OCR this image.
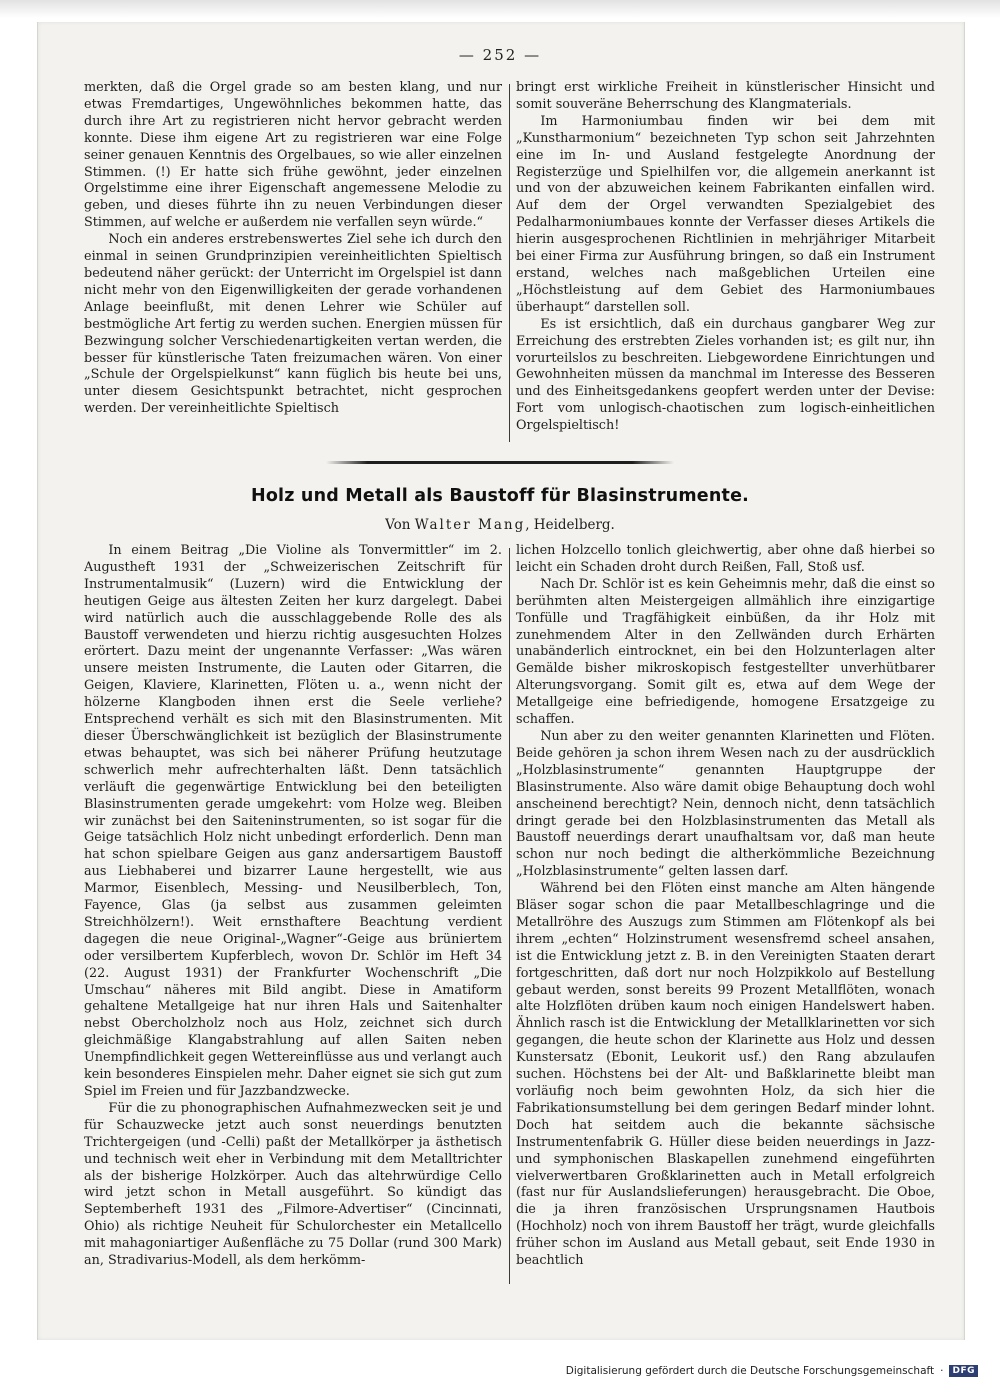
— 252 —

merkten, daß die Orgel grade so am besten klang, und nur etwas Fremdartiges, Ungewöhnliches bekommen hatte, das durch ihre Art zu registrieren nicht hervor gebracht werden konnte. Diese ihm eigene Art zu registrieren war eine Folge seiner genauen Kenntnis des Orgelbaues, so wie aller einzelnen Stimmen. (!) Er hatte sich frühe gewöhnt, jeder einzelnen Orgelstimme eine ihrer Eigenschaft angemessene Melodie zu geben, und dieses führte ihn zu neuen Verbindungen dieser Stimmen, auf welche er außerdem nie verfallen seyn würde.“

Noch ein anderes erstrebenswertes Ziel sehe ich durch den einmal in seinen Grundprinzipien vereinheitlichten Spieltisch bedeutend näher gerückt: der Unterricht im Orgelspiel ist dann nicht mehr von den Eigenwilligkeiten der gerade vorhandenen Anlage beeinflußt, mit denen Lehrer wie Schüler auf bestmögliche Art fertig zu werden suchen. Energien müssen für Bezwingung solcher Verschiedenartigkeiten vertan werden, die besser für künstlerische Taten freizumachen wären. Von einer „Schule der Orgelspielkunst“ kann füglich bis heute bei uns, unter diesem Gesichtspunkt betrachtet, nicht gesprochen werden. Der vereinheitlichte Spieltisch

bringt erst wirkliche Freiheit in künstlerischer Hinsicht und somit souveräne Beherrschung des Klangmaterials.

Im Harmoniumbau finden wir bei dem mit „Kunstharmonium“ bezeichneten Typ schon seit Jahrzehnten eine im In- und Ausland festgelegte Anordnung der Registerzüge und Spielhilfen vor, die allgemein anerkannt ist und von der abzuweichen keinem Fabrikanten einfallen wird. Auf dem der Orgel verwandten Spezialgebiet des Pedalharmoniumbaues konnte der Verfasser dieses Artikels die hierin ausgesprochenen Richtlinien in mehrjähriger Mitarbeit bei einer Firma zur Ausführung bringen, so daß ein Instrument erstand, welches nach maßgeblichen Urteilen eine „Höchstleistung auf dem Gebiet des Harmoniumbaues überhaupt“ darstellen soll.

Es ist ersichtlich, daß ein durchaus gangbarer Weg zur Erreichung des erstrebten Zieles vorhanden ist; es gilt nur, ihn vorurteilslos zu beschreiten. Liebgewordene Einrichtungen und Gewohnheiten müssen da manchmal im Interesse des Besseren und des Einheitsgedankens geopfert werden unter der Devise: Fort vom unlogisch-chaotischen zum logisch-einheitlichen Orgelspieltisch!

Holz und Metall als Baustoff für Blasinstrumente.
Von Walter Mang, Heidelberg.

In einem Beitrag „Die Violine als Tonvermittler“ im 2. Augustheft 1931 der „Schweizerischen Zeitschrift für Instrumentalmusik“ (Luzern) wird die Entwicklung der heutigen Geige aus ältesten Zeiten her kurz dargelegt. Dabei wird natürlich auch die ausschlaggebende Rolle des als Baustoff verwendeten und hierzu richtig ausgesuchten Holzes erörtert. Dazu meint der ungenannte Verfasser: „Was wären unsere meisten Instrumente, die Lauten oder Gitarren, die Geigen, Klaviere, Klarinetten, Flöten u. a., wenn nicht der hölzerne Klangboden ihnen erst die Seele verliehe? Entsprechend verhält es sich mit den Blasinstrumenten. Mit dieser Überschwänglichkeit ist bezüglich der Blasinstrumente etwas behauptet, was sich bei näherer Prüfung heutzutage schwerlich mehr aufrechterhalten läßt. Denn tatsächlich verläuft die gegenwärtige Entwicklung bei den beteiligten Blasinstrumenten gerade umgekehrt: vom Holze weg. Bleiben wir zunächst bei den Saiteninstrumenten, so ist sogar für die Geige tatsächlich Holz nicht unbedingt erforderlich. Denn man hat schon spielbare Geigen aus ganz andersartigem Baustoff aus Liebhaberei und bizarrer Laune hergestellt, wie aus Marmor, Eisenblech, Messing- und Neusilberblech, Ton, Fayence, Glas (ja selbst aus zusammen geleimten Streichhölzern!). Weit ernsthaftere Beachtung verdient dagegen die neue Original-„Wagner“-Geige aus brüniertem oder versilbertem Kupferblech, wovon Dr. Schlör im Heft 34 (22. August 1931) der Frankfurter Wochenschrift „Die Umschau“ näheres mit Bild angibt. Diese in Amatiform gehaltene Metallgeige hat nur ihren Hals und Saitenhalter nebst Obercholzholz noch aus Holz, zeichnet sich durch gleichmäßige Klangabstrahlung auf allen Saiten neben Unempfindlichkeit gegen Wettereinflüsse aus und verlangt auch kein besonderes Einspielen mehr. Daher eignet sie sich gut zum Spiel im Freien und für Jazzbandzwecke.

Für die zu phonographischen Aufnahmezwecken seit je und für Schauzwecke jetzt auch sonst neuerdings benutzten Trichtergeigen (und -Celli) paßt der Metallkörper ja ästhetisch und technisch weit eher in Verbindung mit dem Metalltrichter als der bisherige Holzkörper. Auch das altehrwürdige Cello wird jetzt schon in Metall ausgeführt. So kündigt das Septemberheft 1931 des „Filmore-Advertiser“ (Cincinnati, Ohio) als richtige Neuheit für Schulorchester ein Metallcello mit mahagoniartiger Außenfläche zu 75 Dollar (rund 300 Mark) an, Stradivarius-Modell, als dem herkömm-

lichen Holzcello tonlich gleichwertig, aber ohne daß hierbei so leicht ein Schaden droht durch Reißen, Fall, Stoß usf.

Nach Dr. Schlör ist es kein Geheimnis mehr, daß die einst so berühmten alten Meistergeigen allmählich ihre einzigartige Tonfülle und Tragfähigkeit einbüßen, da ihr Holz mit zunehmendem Alter in den Zellwänden durch Erhärten unabänderlich eintrocknet, ein bei den Holzunterlagen alter Gemälde bisher mikroskopisch festgestellter unverhütbarer Alterungsvorgang. Somit gilt es, etwa auf dem Wege der Metallgeige eine befriedigende, homogene Ersatzgeige zu schaffen.

Nun aber zu den weiter genannten Klarinetten und Flöten. Beide gehören ja schon ihrem Wesen nach zu der ausdrücklich „Holzblasinstrumente“ genannten Hauptgruppe der Blasinstrumente. Also wäre damit obige Behauptung doch wohl anscheinend berechtigt? Nein, dennoch nicht, denn tatsächlich dringt gerade bei den Holzblasinstrumenten das Metall als Baustoff neuerdings derart unaufhaltsam vor, daß man heute schon nur noch bedingt die altherkömmliche Bezeichnung „Holzblasinstrumente“ gelten lassen darf.

Während bei den Flöten einst manche am Alten hängende Bläser sogar schon die paar Metallbeschlagringe und die Metallröhre des Auszugs zum Stimmen am Flötenkopf als bei ihrem „echten“ Holzinstrument wesensfremd scheel ansahen, ist die Entwicklung jetzt z. B. in den Vereinigten Staaten derart fortgeschritten, daß dort nur noch Holzpikkolo auf Bestellung gebaut werden, sonst bereits 99 Prozent Metallflöten, wonach alte Holzflöten drüben kaum noch einigen Handelswert haben. Ähnlich rasch ist die Entwicklung der Metallklarinetten vor sich gegangen, die heute schon der Klarinette aus Holz und dessen Kunstersatz (Ebonit, Leukorit usf.) den Rang abzulaufen suchen. Höchstens bei der Alt- und Baßklarinette bleibt man vorläufig noch beim gewohnten Holz, da sich hier die Fabrikationsumstellung bei dem geringen Bedarf minder lohnt. Doch hat seitdem auch die bekannte sächsische Instrumentenfabrik G. Hüller diese beiden neuerdings in Jazz- und symphonischen Blaskapellen zunehmend eingeführten vielverwertbaren Großklarinetten auch in Metall erfolgreich (fast nur für Auslandslieferungen) herausgebracht. Die Oboe, die ja ihren französischen Ursprungsnamen Hautbois (Hochholz) noch von ihrem Baustoff her trägt, wurde gleichfalls früher schon im Ausland aus Metall gebaut, seit Ende 1930 in beachtlich

Digitalisierung gefördert durch die Deutsche Forschungsgemeinschaft ·	DFG
